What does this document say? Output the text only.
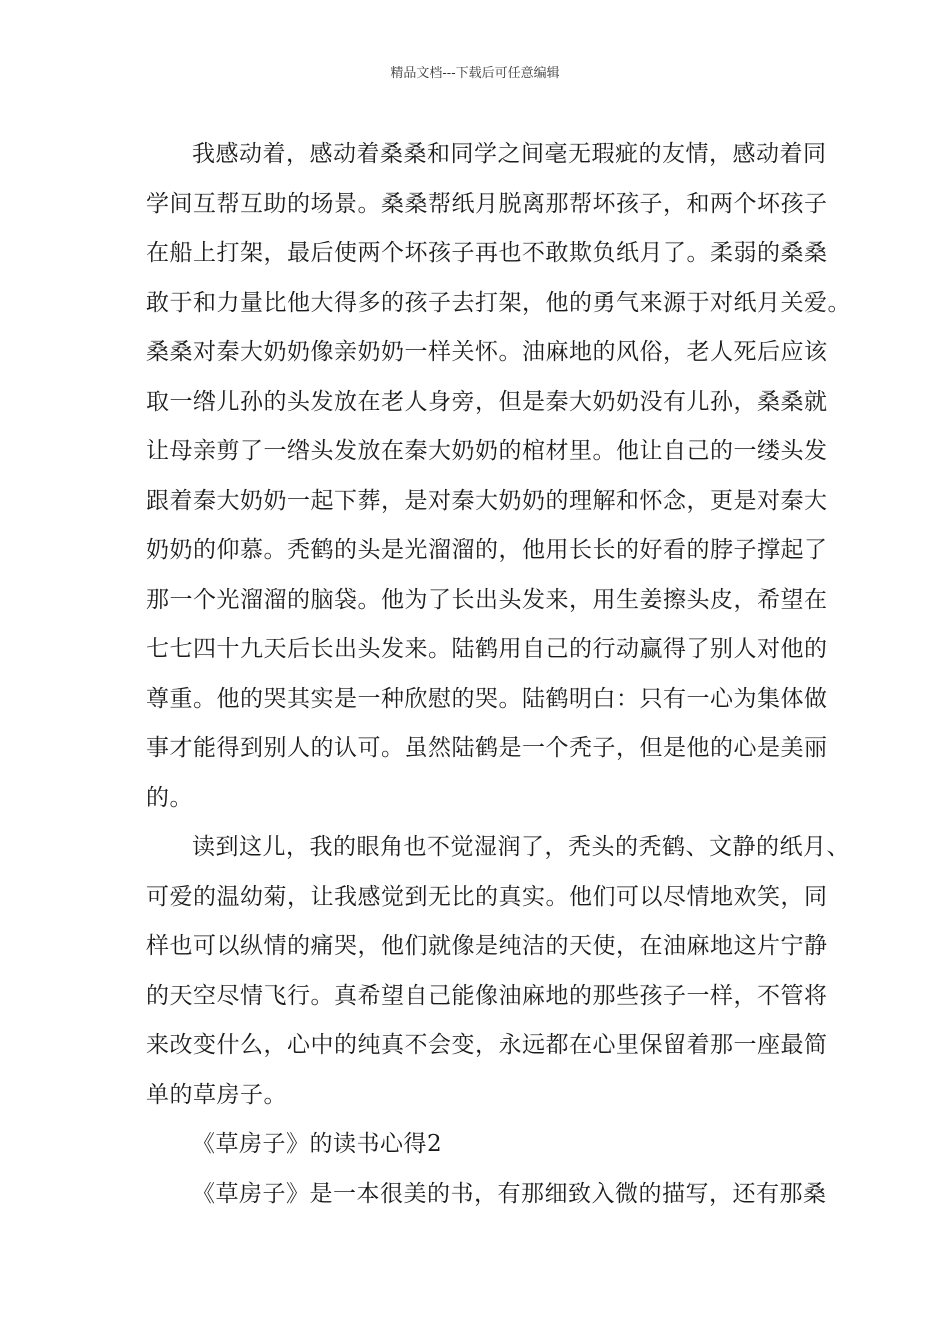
精品文档---下载后可任意编辑
我感动着，感动着桑桑和同学之间毫无瑕疵的友情，感动着同
学间互帮互助的场景。桑桑帮纸月脱离那帮坏孩子，和两个坏孩子
在船上打架，最后使两个坏孩子再也不敢欺负纸月了。柔弱的桑桑
敢于和力量比他大得多的孩子去打架，他的勇气来源于对纸月关爱。
桑桑对秦大奶奶像亲奶奶一样关怀。油麻地的风俗，老人死后应该
取一绺儿孙的头发放在老人身旁，但是秦大奶奶没有儿孙，桑桑就
让母亲剪了一绺头发放在秦大奶奶的棺材里。他让自己的一缕头发
跟着秦大奶奶一起下葬，是对秦大奶奶的理解和怀念，更是对秦大
奶奶的仰慕。秃鹤的头是光溜溜的，他用长长的好看的脖子撑起了
那一个光溜溜的脑袋。他为了长出头发来，用生姜擦头皮，希望在
七七四十九天后长出头发来。陆鹤用自己的行动赢得了别人对他的
尊重。他的哭其实是一种欣慰的哭。陆鹤明白：只有一心为集体做
事才能得到别人的认可。虽然陆鹤是一个秃子，但是他的心是美丽
的。
读到这儿，我的眼角也不觉湿润了，秃头的秃鹤、文静的纸月、
可爱的温幼菊，让我感觉到无比的真实。他们可以尽情地欢笑，同
样也可以纵情的痛哭，他们就像是纯洁的天使，在油麻地这片宁静
的天空尽情飞行。真希望自己能像油麻地的那些孩子一样，不管将
来改变什么，心中的纯真不会变，永远都在心里保留着那一座最简
单的草房子。
《草房子》的读书心得2
《草房子》是一本很美的书，有那细致入微的描写，还有那桑
